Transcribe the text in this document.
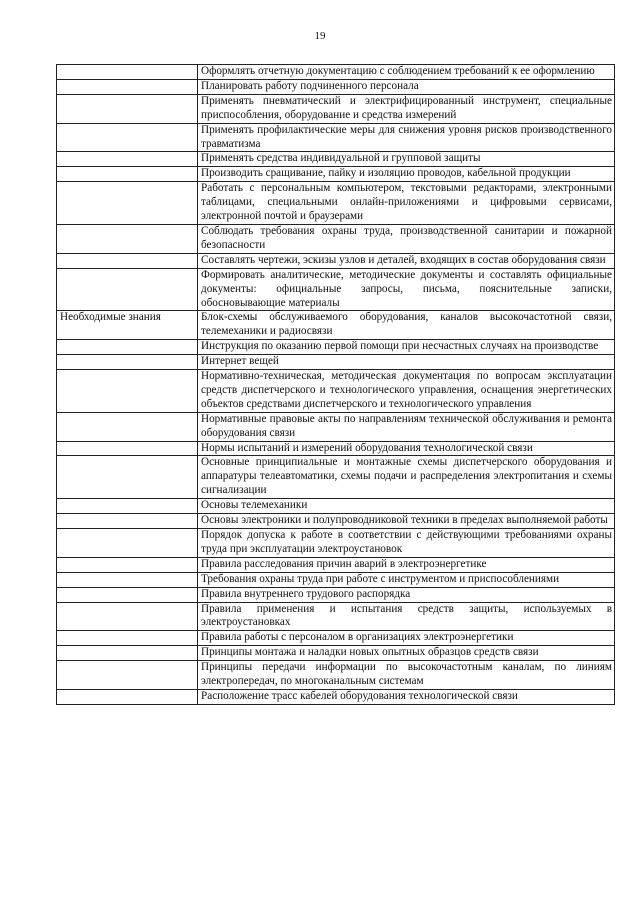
19
	Оформлять отчетную документацию с соблюдением требований к ее оформлению
	Планировать работу подчиненного персонала
	Применять пневматический и электрифицированный инструмент, специальные приспособления, оборудование и средства измерений
	Применять профилактические меры для снижения уровня рисков производственного травматизма
	Применять средства индивидуальной и групповой защиты
	Производить сращивание, пайку и изоляцию проводов, кабельной продукции
	Работать с персональным компьютером, текстовыми редакторами, электронными таблицами, специальными онлайн-приложениями и цифровыми сервисами, электронной почтой и браузерами
	Соблюдать требования охраны труда, производственной санитарии и пожарной безопасности
	Составлять чертежи, эскизы узлов и деталей, входящих в состав оборудования связи
	Формировать аналитические, методические документы и составлять официальные документы: официальные запросы, письма, пояснительные записки, обосновывающие материалы
Необходимые знания	Блок-схемы обслуживаемого оборудования, каналов высокочастотной связи, телемеханики и радиосвязи
	Инструкция по оказанию первой помощи при несчастных случаях на производстве
	Интернет вещей
	Нормативно-техническая, методическая документация по вопросам эксплуатации средств диспетчерского и технологического управления, оснащения энергетических объектов средствами диспетчерского и технологического управления
	Нормативные правовые акты по направлениям технической обслуживания и ремонта оборудования связи
	Нормы испытаний и измерений оборудования технологической связи
	Основные принципиальные и монтажные схемы диспетчерского оборудования и аппаратуры телеавтоматики, схемы подачи и распределения электропитания и схемы сигнализации
	Основы телемеханики
	Основы электроники и полупроводниковой техники в пределах выполняемой работы
	Порядок допуска к работе в соответствии с действующими требованиями охраны труда при эксплуатации электроустановок
	Правила расследования причин аварий в электроэнергетике
	Требования охраны труда при работе с инструментом и приспособлениями
	Правила внутреннего трудового распорядка
	Правила применения и испытания средств защиты, используемых в электроустановках
	Правила работы с персоналом в организациях электроэнергетики
	Принципы монтажа и наладки новых опытных образцов средств связи
	Принципы передачи информации по высокочастотным каналам, по линиям электропередач, по многоканальным системам
	Расположение трасс кабелей оборудования технологической связи
